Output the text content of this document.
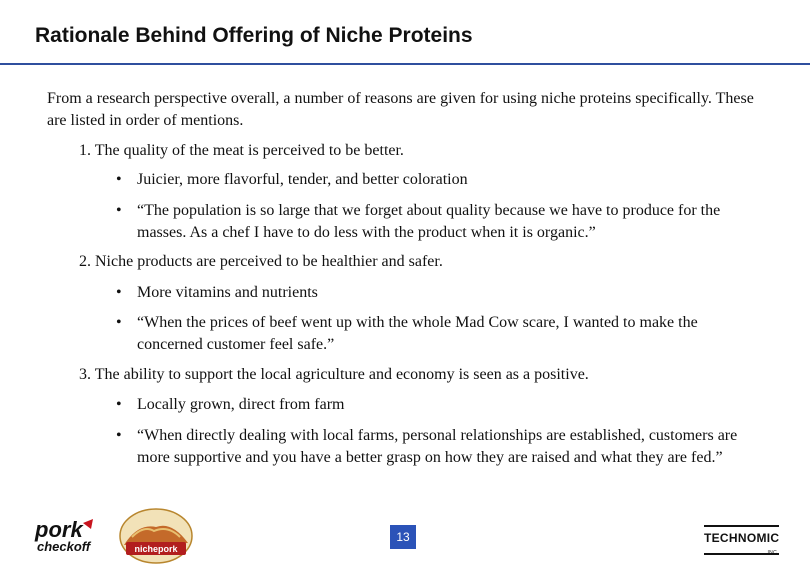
Rationale Behind Offering of Niche Proteins
From a research perspective overall, a number of reasons are given for using niche proteins specifically. These are listed in order of mentions.
1. The quality of the meat is perceived to be better.
• Juicier, more flavorful, tender, and better coloration
• “The population is so large that we forget about quality because we have to produce for the masses. As a chef I have to do less with the product when it is organic.”
2. Niche products are perceived to be healthier and safer.
• More vitamins and nutrients
• “When the prices of beef went up with the whole Mad Cow scare, I wanted to make the concerned customer feel safe.”
3. The ability to support the local agriculture and economy is seen as a positive.
• Locally grown, direct from farm
• “When directly dealing with local farms, personal relationships are established, customers are more supportive and you have a better grasp on how they are raised and what they are fed.”
pork
checkoff	nichepork
13	TECHNOMIC
INC
